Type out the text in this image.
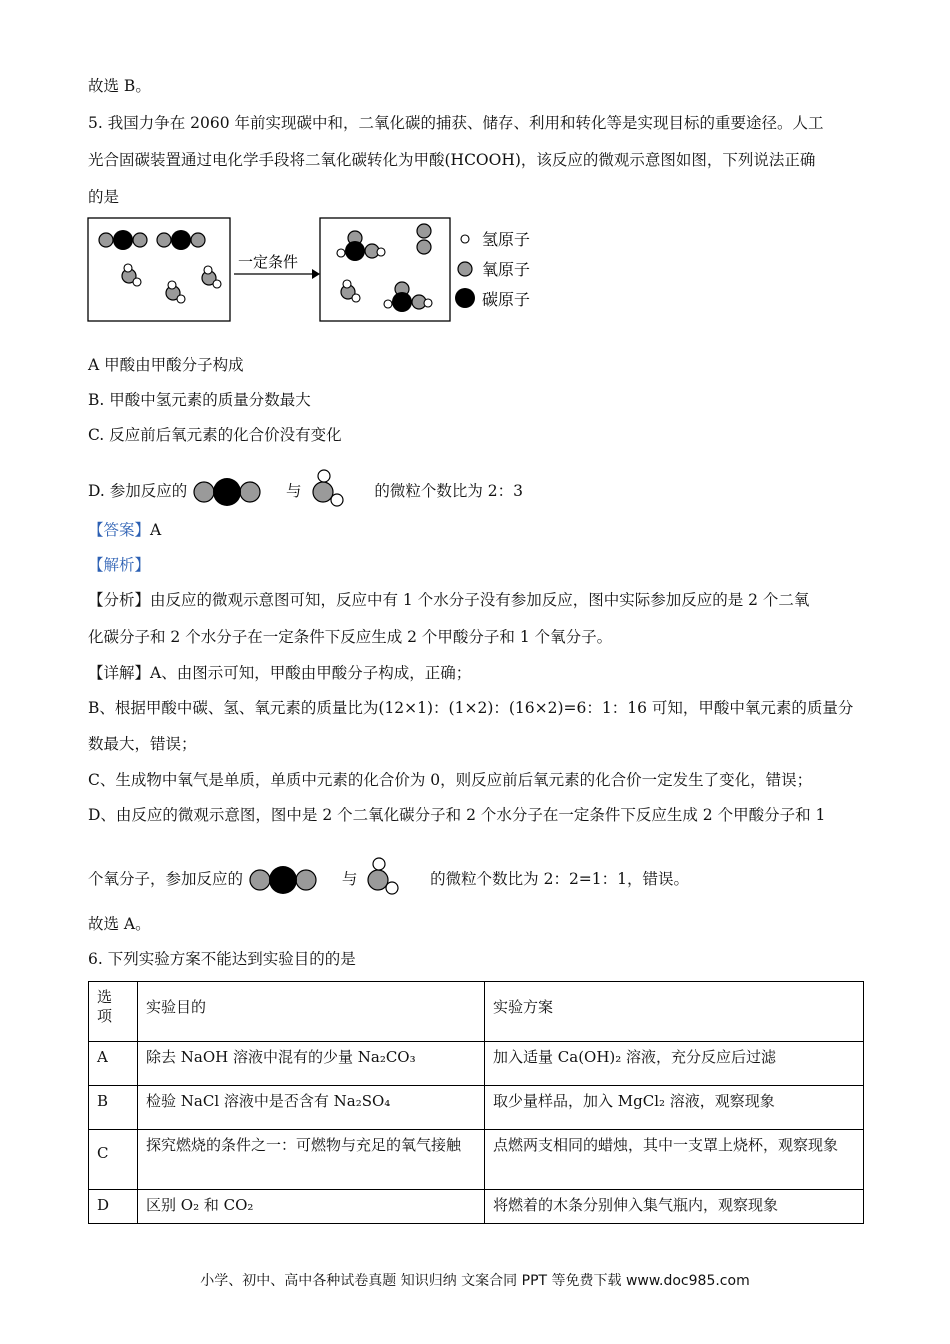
故选 B。
5. 我国力争在 2060 年前实现碳中和，二氧化碳的捕获、储存、利用和转化等是实现目标的重要途径。人工
光合固碳装置通过电化学手段将二氧化碳转化为甲酸(HCOOH)，该反应的微观示意图如图，下列说法正确
的是
一定条件
氢原子
氧原子
碳原子
A 甲酸由甲酸分子构成
B. 甲酸中氢元素的质量分数最大
C. 反应前后氧元素的化合价没有变化
D. 参加反应的	与	的微粒个数比为 2：3
【答案】A
【解析】
【分析】由反应的微观示意图可知，反应中有 1 个水分子没有参加反应，图中实际参加反应的是 2 个二氧
化碳分子和 2 个水分子在一定条件下反应生成 2 个甲酸分子和 1 个氧分子。
【详解】A、由图示可知，甲酸由甲酸分子构成，正确；
B、根据甲酸中碳、氢、氧元素的质量比为(12×1)：(1×2)：(16×2)=6：1：16 可知，甲酸中氧元素的质量分
数最大，错误；
C、生成物中氧气是单质，单质中元素的化合价为 0，则反应前后氧元素的化合价一定发生了变化，错误；
D、由反应的微观示意图，图中是 2 个二氧化碳分子和 2 个水分子在一定条件下反应生成 2 个甲酸分子和 1
个氧分子，参加反应的	与	的微粒个数比为 2：2=1：1，错误。
故选 A。
6. 下列实验方案不能达到实验目的的是
选
项	实验目的	实验方案
A	除去 NaOH 溶液中混有的少量 Na₂CO₃	加入适量 Ca(OH)₂ 溶液，充分反应后过滤
B	检验 NaCl 溶液中是否含有 Na₂SO₄	取少量样品，加入 MgCl₂ 溶液，观察现象
C	探究燃烧的条件之一：可燃物与充足的氧气接触	点燃两支相同的蜡烛，其中一支罩上烧杯，观察现象
D	区别 O₂ 和 CO₂	将燃着的木条分别伸入集气瓶内，观察现象
小学、初中、高中各种试卷真题 知识归纳 文案合同 PPT 等免费下载 www.doc985.com
